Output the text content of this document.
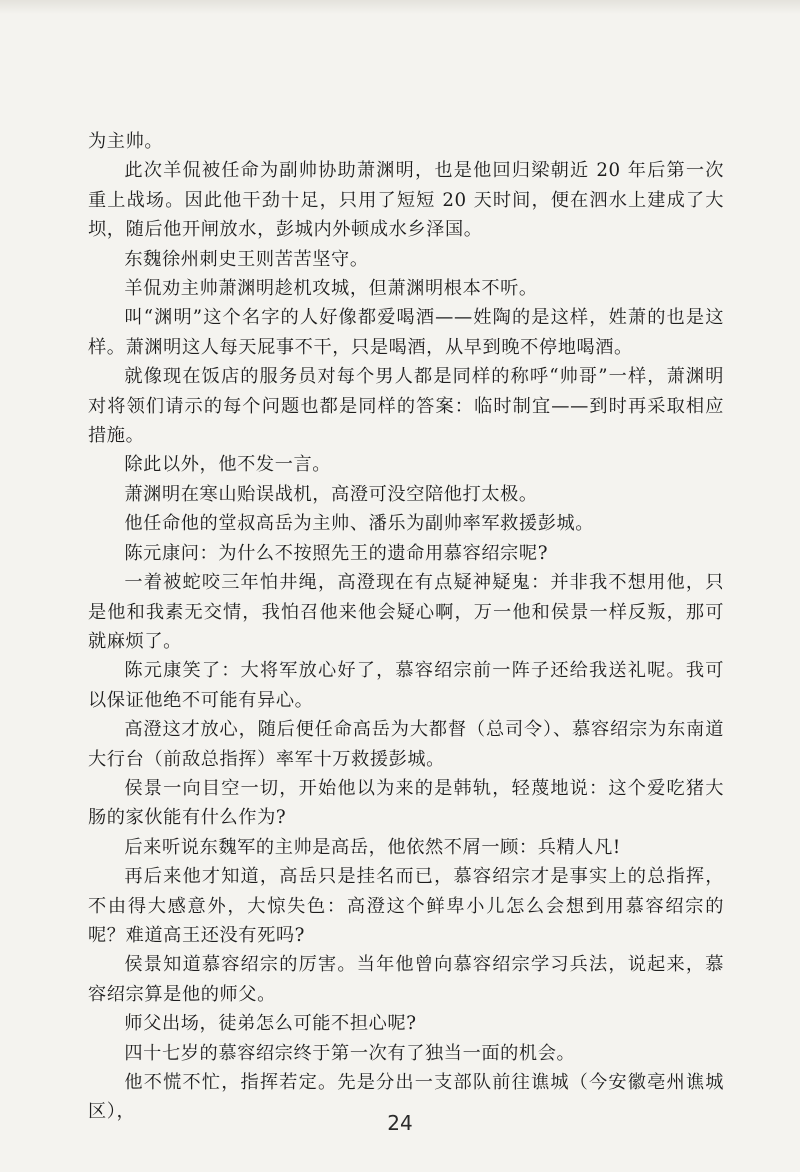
为主帅。

此次羊侃被任命为副帅协助萧渊明，也是他回归梁朝近 20 年后第一次重上战场。因此他干劲十足，只用了短短 20 天时间，便在泗水上建成了大坝，随后他开闸放水，彭城内外顿成水乡泽国。

东魏徐州刺史王则苦苦坚守。

羊侃劝主帅萧渊明趁机攻城，但萧渊明根本不听。

叫“渊明”这个名字的人好像都爱喝酒——姓陶的是这样，姓萧的也是这样。萧渊明这人每天屁事不干，只是喝酒，从早到晚不停地喝酒。

就像现在饭店的服务员对每个男人都是同样的称呼“帅哥”一样，萧渊明对将领们请示的每个问题也都是同样的答案：临时制宜——到时再采取相应措施。

除此以外，他不发一言。

萧渊明在寒山贻误战机，高澄可没空陪他打太极。

他任命他的堂叔高岳为主帅、潘乐为副帅率军救援彭城。

陈元康问：为什么不按照先王的遗命用慕容绍宗呢?

一着被蛇咬三年怕井绳，高澄现在有点疑神疑鬼：并非我不想用他，只是他和我素无交情，我怕召他来他会疑心啊，万一他和侯景一样反叛，那可就麻烦了。

陈元康笑了：大将军放心好了，慕容绍宗前一阵子还给我送礼呢。我可以保证他绝不可能有异心。

高澄这才放心，随后便任命高岳为大都督（总司令）、慕容绍宗为东南道大行台（前敌总指挥）率军十万救援彭城。

侯景一向目空一切，开始他以为来的是韩轨，轻蔑地说：这个爱吃猪大肠的家伙能有什么作为?

后来听说东魏军的主帅是高岳，他依然不屑一顾：兵精人凡!

再后来他才知道，高岳只是挂名而已，慕容绍宗才是事实上的总指挥，不由得大感意外，大惊失色：高澄这个鲜卑小儿怎么会想到用慕容绍宗的呢？难道高王还没有死吗?

侯景知道慕容绍宗的厉害。当年他曾向慕容绍宗学习兵法，说起来，慕容绍宗算是他的师父。

师父出场，徒弟怎么可能不担心呢?

四十七岁的慕容绍宗终于第一次有了独当一面的机会。

他不慌不忙，指挥若定。先是分出一支部队前往谯城（今安徽亳州谯城区），	24
